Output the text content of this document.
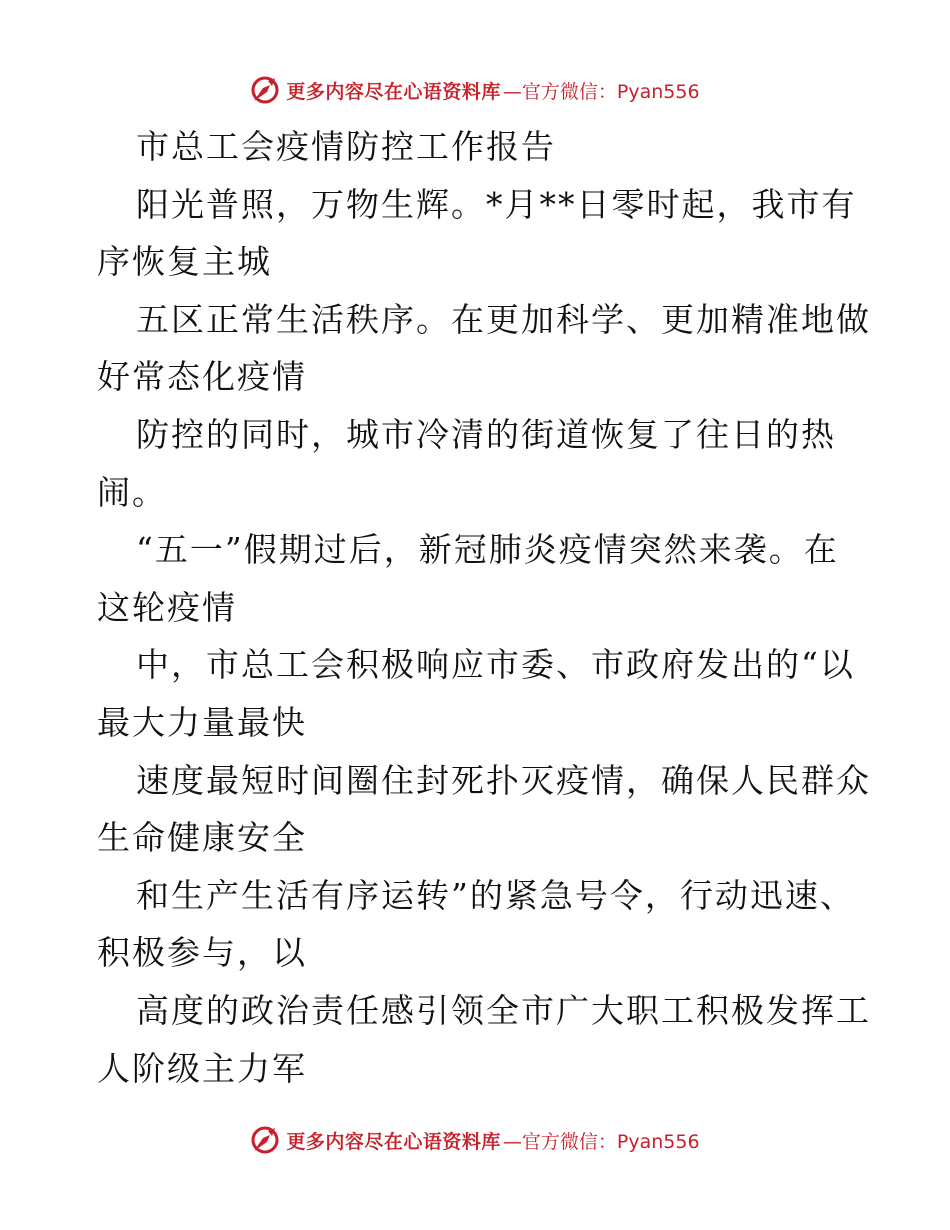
更多内容尽在心语资料库 —官方微信：Pyan556
市总工会疫情防控工作报告
阳光普照，万物生辉。*月**日零时起，我市有
序恢复主城
五区正常生活秩序。在更加科学、更加精准地做
好常态化疫情
防控的同时，城市冷清的街道恢复了往日的热
闹。
“五一”假期过后，新冠肺炎疫情突然来袭。在
这轮疫情
中，市总工会积极响应市委、市政府发出的“以
最大力量最快
速度最短时间圈住封死扑灭疫情，确保人民群众
生命健康安全
和生产生活有序运转”的紧急号令，行动迅速、
积极参与，以
高度的政治责任感引领全市广大职工积极发挥工
人阶级主力军
更多内容尽在心语资料库 —官方微信：Pyan556
